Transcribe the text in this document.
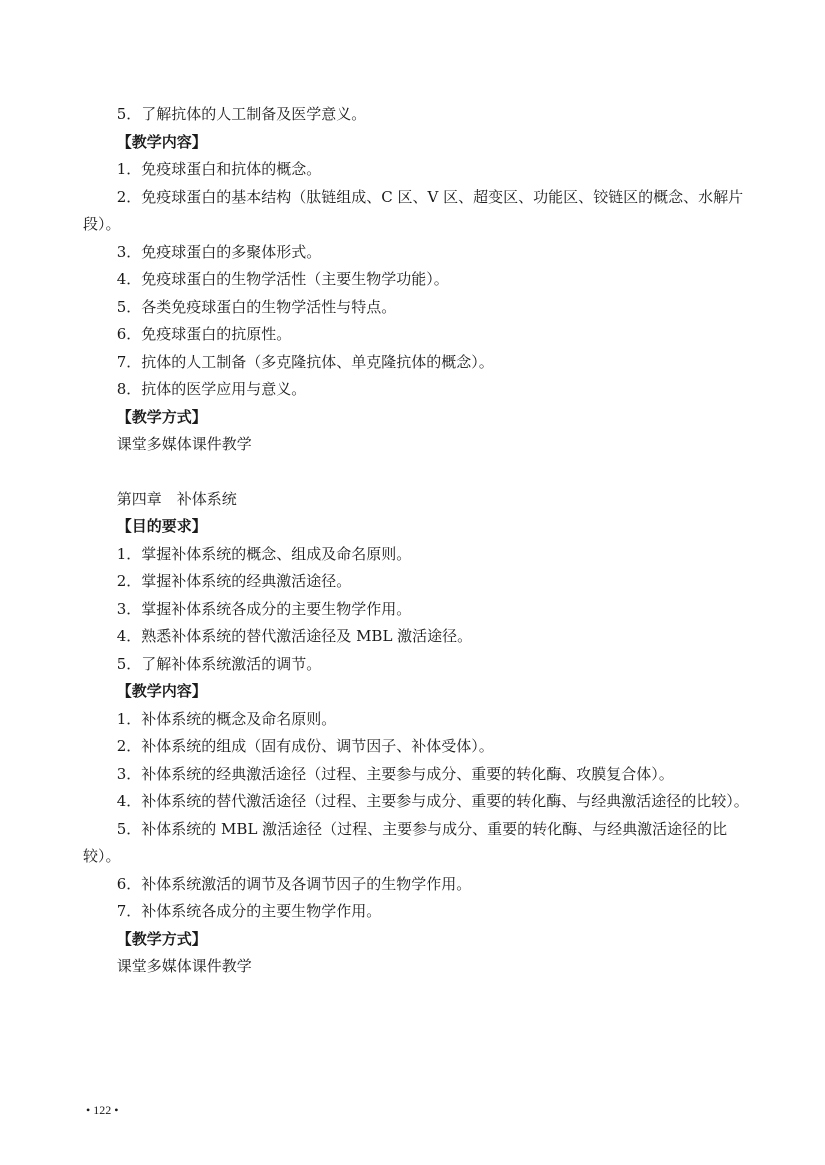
5．了解抗体的人工制备及医学意义。

【教学内容】

1．免疫球蛋白和抗体的概念。

2．免疫球蛋白的基本结构（肽链组成、C 区、V 区、超变区、功能区、铰链区的概念、水解片段）。

3．免疫球蛋白的多聚体形式。

4．免疫球蛋白的生物学活性（主要生物学功能）。

5．各类免疫球蛋白的生物学活性与特点。

6．免疫球蛋白的抗原性。

7．抗体的人工制备（多克隆抗体、单克隆抗体的概念）。

8．抗体的医学应用与意义。

【教学方式】

课堂多媒体课件教学

第四章　补体系统

【目的要求】

1．掌握补体系统的概念、组成及命名原则。

2．掌握补体系统的经典激活途径。

3．掌握补体系统各成分的主要生物学作用。

4．熟悉补体系统的替代激活途径及 MBL 激活途径。

5．了解补体系统激活的调节。

【教学内容】

1．补体系统的概念及命名原则。

2．补体系统的组成（固有成份、调节因子、补体受体）。

3．补体系统的经典激活途径（过程、主要参与成分、重要的转化酶、攻膜复合体）。

4．补体系统的替代激活途径（过程、主要参与成分、重要的转化酶、与经典激活途径的比较）。

5．补体系统的 MBL 激活途径（过程、主要参与成分、重要的转化酶、与经典激活途径的比较）。

6．补体系统激活的调节及各调节因子的生物学作用。

7．补体系统各成分的主要生物学作用。

【教学方式】

课堂多媒体课件教学

• 122 •
